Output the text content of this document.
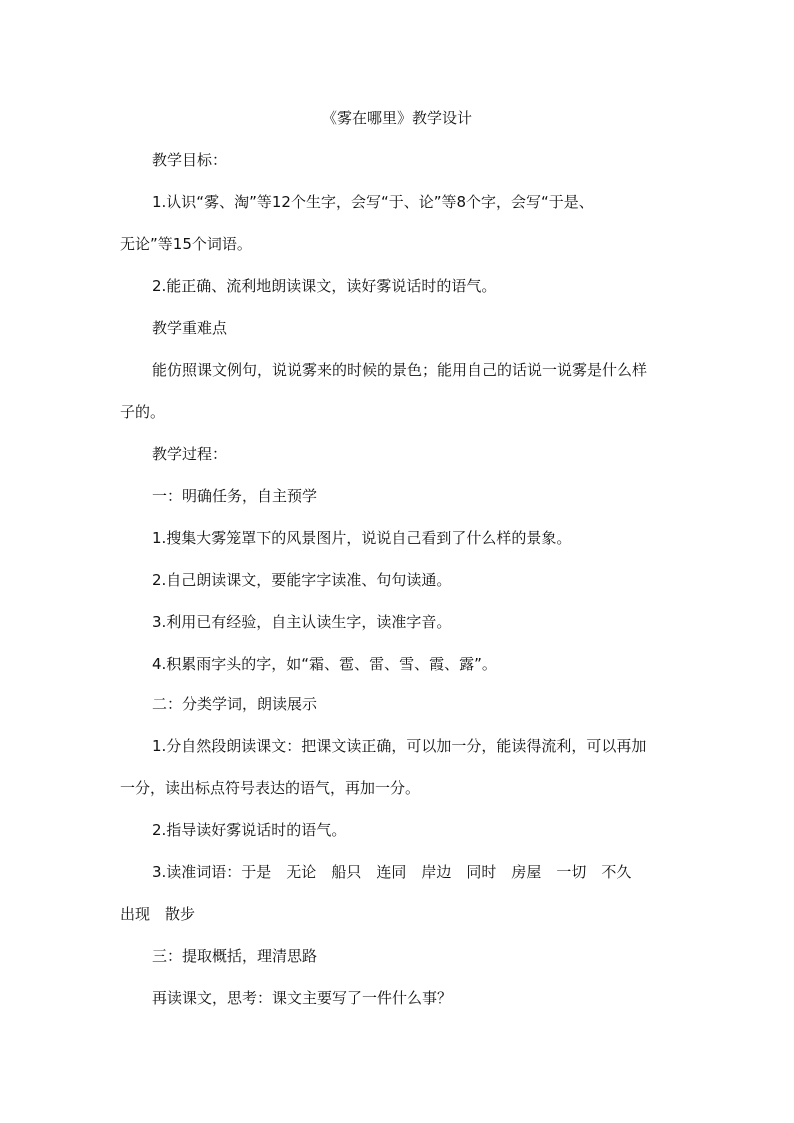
《雾在哪里》教学设计
教学目标：
1.认识“雾、淘”等12个生字，会写“于、论”等8个字，会写“于是、
无论”等15个词语。
2.能正确、流利地朗读课文，读好雾说话时的语气。
教学重难点
能仿照课文例句，说说雾来的时候的景色；能用自己的话说一说雾是什么样
子的。
教学过程：
一：明确任务，自主预学
1.搜集大雾笼罩下的风景图片，说说自己看到了什么样的景象。
2.自己朗读课文，要能字字读准、句句读通。
3.利用已有经验，自主认读生字，读准字音。
4.积累雨字头的字，如“霜、雹、雷、雪、霞、露”。
二：分类学词，朗读展示
1.分自然段朗读课文：把课文读正确，可以加一分，能读得流利，可以再加
一分，读出标点符号表达的语气，再加一分。
2.指导读好雾说话时的语气。
3.读准词语：于是　无论　船只　连同　岸边　同时　房屋　一切　不久
出现　散步
三：提取概括，理清思路
再读课文，思考：课文主要写了一件什么事？
